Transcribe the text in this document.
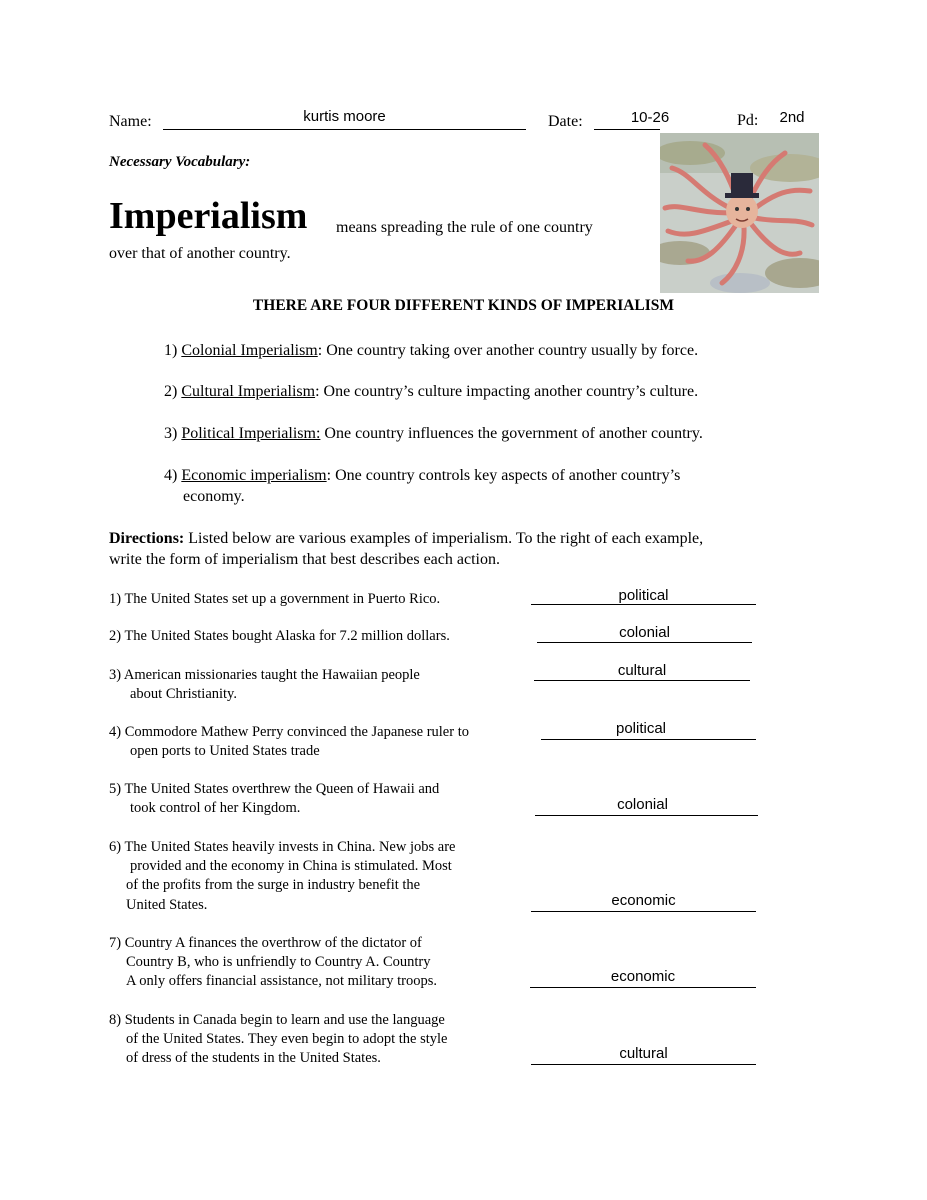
Name:	kurtis moore	Date:	10-26	Pd:	2nd
Necessary Vocabulary:
Imperialism means spreading the rule of one country
over that of another country.
THERE ARE FOUR DIFFERENT KINDS OF IMPERIALISM
1) Colonial Imperialism: One country taking over another country usually by force.
2) Cultural Imperialism: One country’s culture impacting another country’s culture.
3) Political Imperialism: One country influences the government of another country.
4) Economic imperialism: One country controls key aspects of another country’s
economy.
Directions: Listed below are various examples of imperialism. To the right of each example,
write the form of imperialism that best describes each action.
1) The United States set up a government in Puerto Rico.	political
2) The United States bought Alaska for 7.2 million dollars.	colonial
3) American missionaries taught the Hawaiian people
about Christianity.
cultural
4) Commodore Mathew Perry convinced the Japanese ruler to
open ports to United States trade
political
5) The United States overthrew the Queen of Hawaii and
took control of her Kingdom.	colonial
6) The United States heavily invests in China. New jobs are
provided and the economy in China is stimulated. Most
of the profits from the surge in industry benefit the
United States.	economic
7) Country A finances the overthrow of the dictator of
Country B, who is unfriendly to Country A. Country
A only offers financial assistance, not military troops.	economic
8) Students in Canada begin to learn and use the language
of the United States. They even begin to adopt the style
of dress of the students in the United States.	cultural
